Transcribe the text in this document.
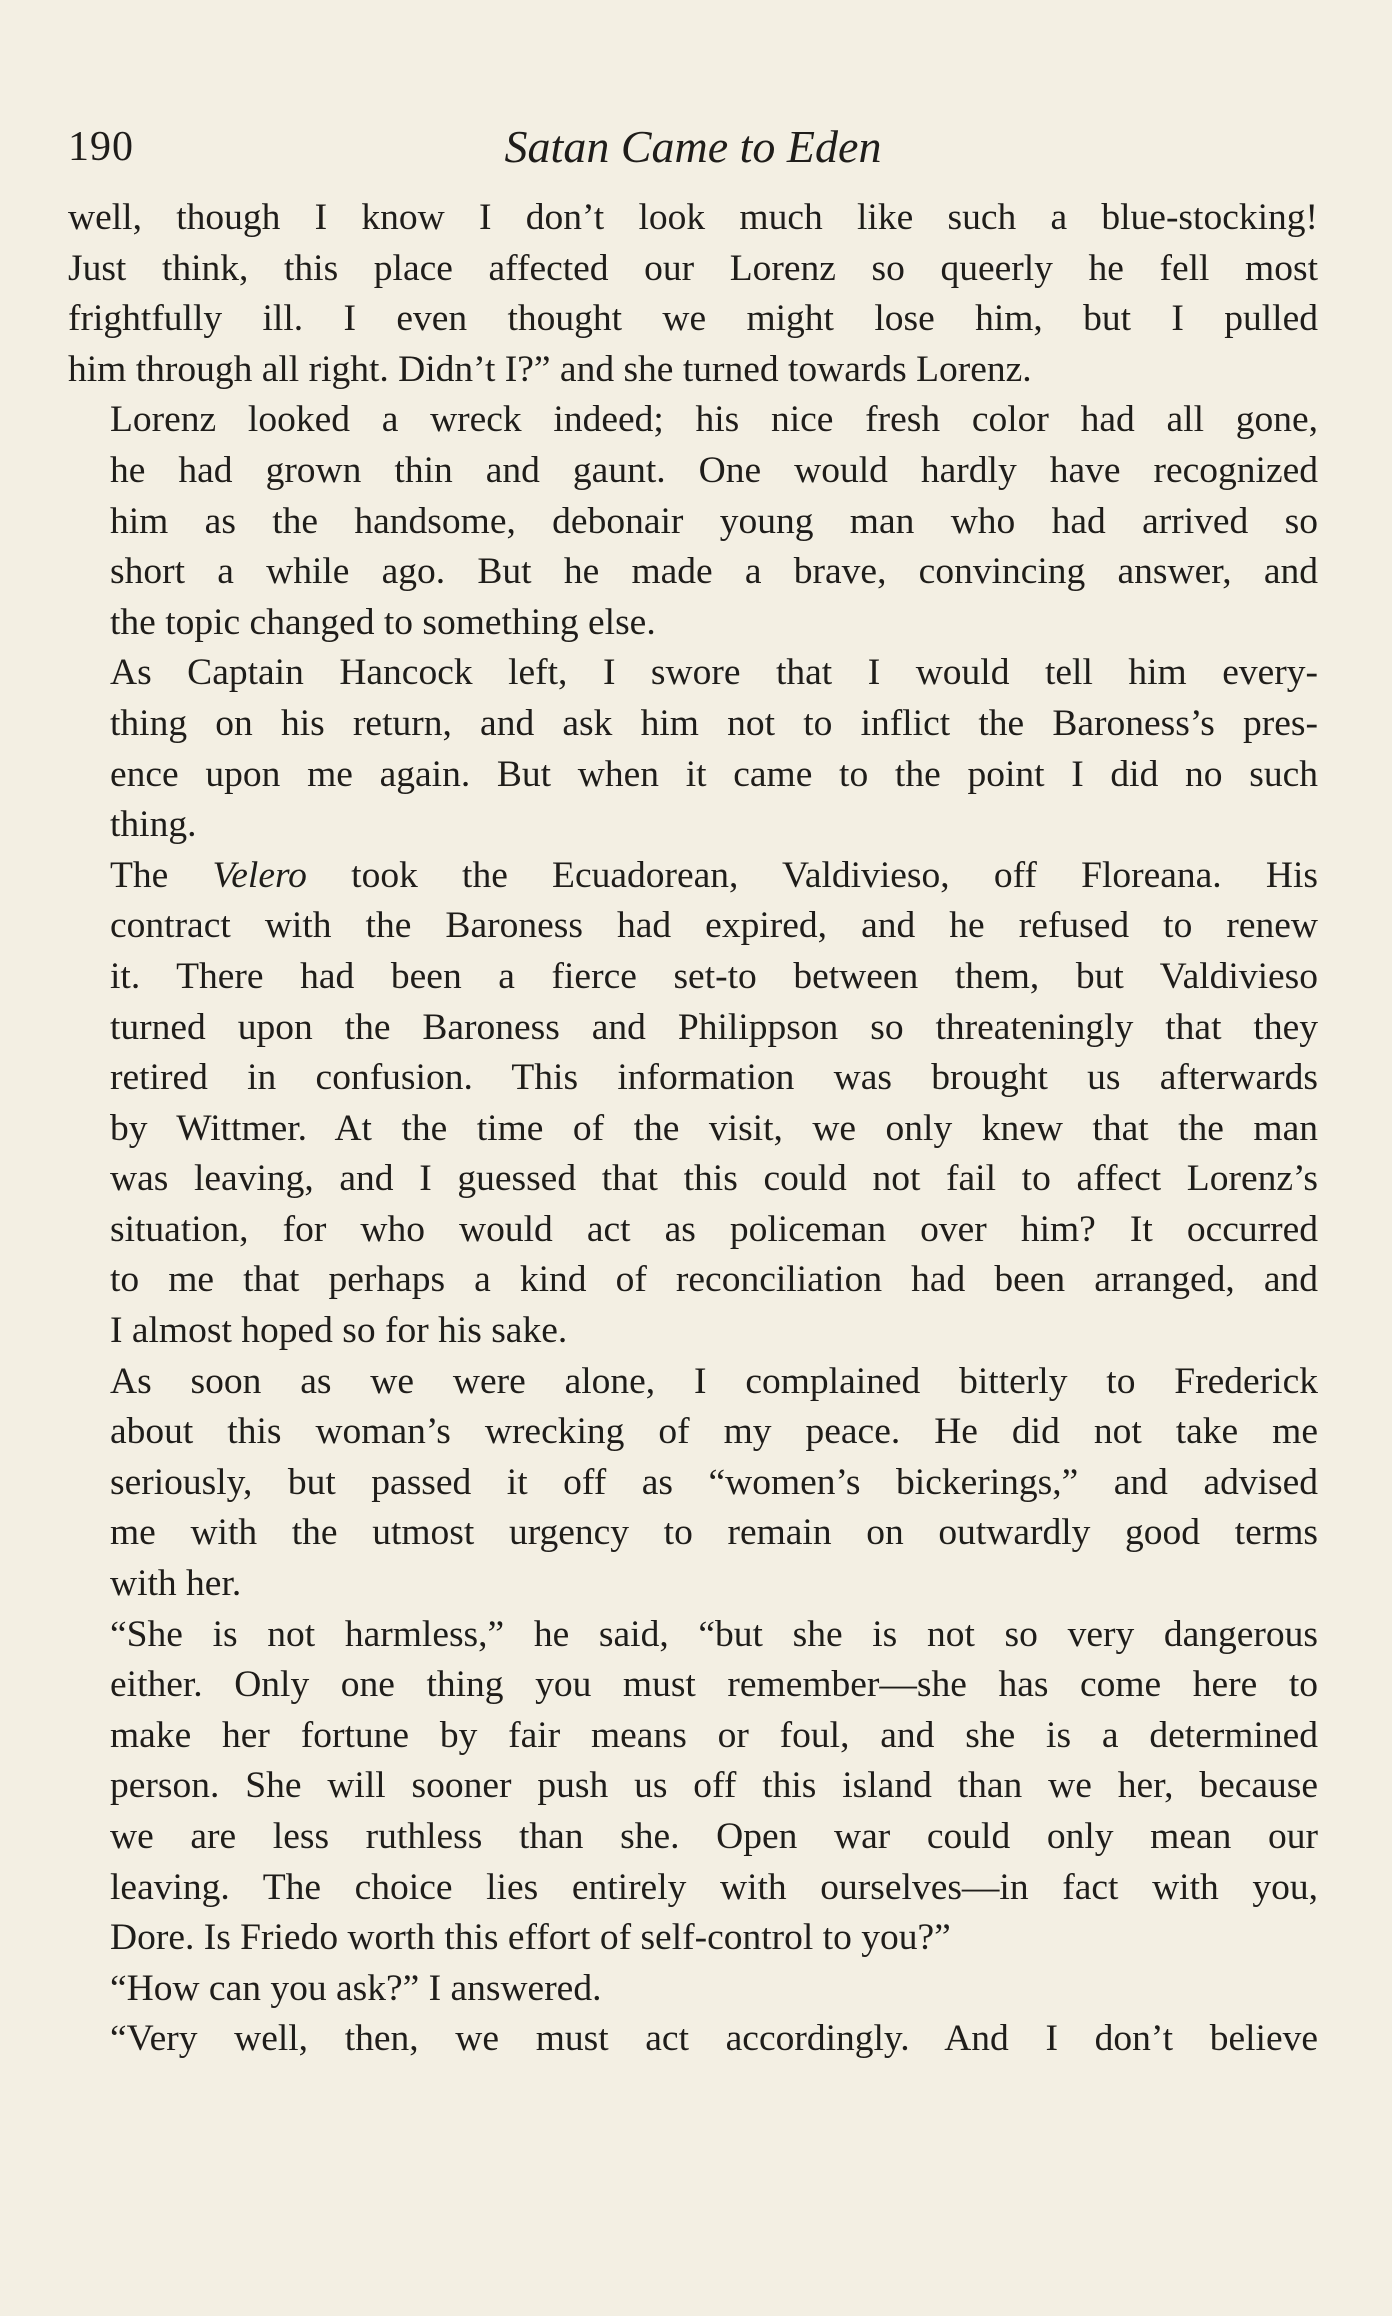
190	Satan Came to Eden

well, though I know I don’t look much like such a blue-stocking!
Just think, this place affected our Lorenz so queerly he fell most
frightfully ill. I even thought we might lose him, but I pulled
him through all right. Didn’t I?” and she turned towards Lorenz.

Lorenz looked a wreck indeed; his nice fresh color had all gone,
he had grown thin and gaunt. One would hardly have recognized
him as the handsome, debonair young man who had arrived so
short a while ago. But he made a brave, convincing answer, and
the topic changed to something else.

As Captain Hancock left, I swore that I would tell him every-
thing on his return, and ask him not to inflict the Baroness’s pres-
ence upon me again. But when it came to the point I did no such
thing.

The Velero took the Ecuadorean, Valdivieso, off Floreana. His
contract with the Baroness had expired, and he refused to renew
it. There had been a fierce set-to between them, but Valdivieso
turned upon the Baroness and Philippson so threateningly that they
retired in confusion. This information was brought us afterwards
by Wittmer. At the time of the visit, we only knew that the man
was leaving, and I guessed that this could not fail to affect Lorenz’s
situation, for who would act as policeman over him? It occurred
to me that perhaps a kind of reconciliation had been arranged, and
I almost hoped so for his sake.

As soon as we were alone, I complained bitterly to Frederick
about this woman’s wrecking of my peace. He did not take me
seriously, but passed it off as “women’s bickerings,” and advised
me with the utmost urgency to remain on outwardly good terms
with her.

“She is not harmless,” he said, “but she is not so very dangerous
either. Only one thing you must remember—she has come here to
make her fortune by fair means or foul, and she is a determined
person. She will sooner push us off this island than we her, because
we are less ruthless than she. Open war could only mean our
leaving. The choice lies entirely with ourselves—in fact with you,
Dore. Is Friedo worth this effort of self-control to you?”

“How can you ask?” I answered.

“Very well, then, we must act accordingly. And I don’t believe
